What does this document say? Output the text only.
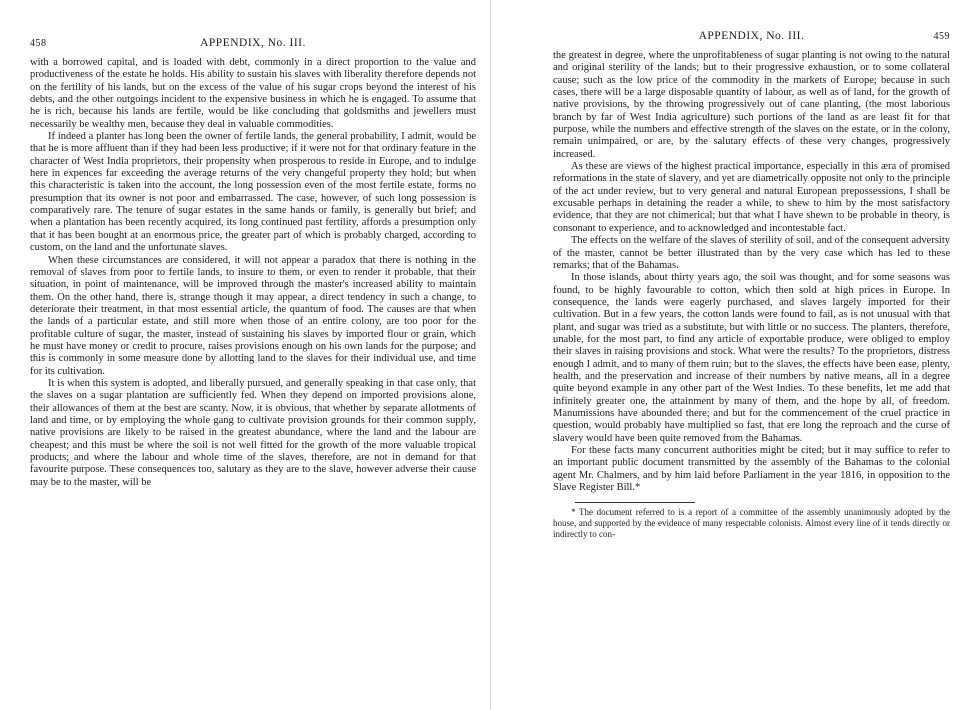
458	APPENDIX, No. III.

with a borrowed capital, and is loaded with debt, commonly in a direct proportion to the value and productiveness of the estate he holds. His ability to sustain his slaves with liberality therefore depends not on the fertility of his lands, but on the excess of the value of his sugar crops beyond the interest of his debts, and the other outgoings incident to the expensive business in which he is engaged. To assume that he is rich, because his lands are fertile, would be like concluding that goldsmiths and jewellers must necessarily be wealthy men, because they deal in valuable commodities.

If indeed a planter has long been the owner of fertile lands, the general probability, I admit, would be that he is more affluent than if they had been less productive; if it were not for that ordinary feature in the character of West India proprietors, their propensity when prosperous to reside in Europe, and to indulge here in expences far exceeding the average returns of the very changeful property they hold; but when this characteristic is taken into the account, the long possession even of the most fertile estate, forms no presumption that its owner is not poor and embarrassed. The case, however, of such long possession is comparatively rare. The tenure of sugar estates in the same hands or family, is generally but brief; and when a plantation has been recently acquired, its long continued past fertility, affords a presumption only that it has been bought at an enormous price, the greater part of which is probably charged, according to custom, on the land and the unfortunate slaves.

When these circumstances are considered, it will not appear a paradox that there is nothing in the removal of slaves from poor to fertile lands, to insure to them, or even to render it probable, that their situation, in point of maintenance, will be improved through the master's increased ability to maintain them. On the other hand, there is, strange though it may appear, a direct tendency in such a change, to deteriorate their treatment, in that most essential article, the quantum of food. The causes are that when the lands of a particular estate, and still more when those of an entire colony, are too poor for the profitable culture of sugar, the master, instead of sustaining his slaves by imported flour or grain, which he must have money or credit to procure, raises provisions enough on his own lands for the purpose; and this is commonly in some measure done by allotting land to the slaves for their individual use, and time for its cultivation.

It is when this system is adopted, and liberally pursued, and generally speaking in that case only, that the slaves on a sugar plantation are sufficiently fed. When they depend on imported provisions alone, their allowances of them at the best are scanty. Now, it is obvious, that whether by separate allotments of land and time, or by employing the whole gang to cultivate provision grounds for their common supply, native provisions are likely to be raised in the greatest abundance, where the land and the labour are cheapest; and this must be where the soil is not well fitted for the growth of the more valuable tropical products; and where the labour and whole time of the slaves, therefore, are not in demand for that favourite purpose. These consequences too, salutary as they are to the slave, however adverse their cause may be to the master, will be

APPENDIX, No. III.	459

the greatest in degree, where the unprofitableness of sugar planting is not owing to the natural and original sterility of the lands; but to their progressive exhaustion, or to some collateral cause; such as the low price of the commodity in the markets of Europe; because in such cases, there will be a large disposable quantity of labour, as well as of land, for the growth of native provisions, by the throwing progressively out of cane planting, (the most laborious branch by far of West India agriculture) such portions of the land as are least fit for that purpose, while the numbers and effective strength of the slaves on the estate, or in the colony, remain unimpaired, or are, by the salutary effects of these very changes, progressively increased.

As these are views of the highest practical importance, especially in this æra of promised reformations in the state of slavery, and yet are diametrically opposite not only to the principle of the act under review, but to very general and natural European prepossessions, I shall be excusable perhaps in detaining the reader a while, to shew to him by the most satisfactory evidence, that they are not chimerical; but that what I have shewn to be probable in theory, is consonant to experience, and to acknowledged and incontestable fact.

The effects on the welfare of the slaves of sterility of soil, and of the consequent adversity of the master, cannot be better illustrated than by the very case which has led to these remarks; that of the Bahamas.

In those islands, about thirty years ago, the soil was thought, and for some seasons was found, to be highly favourable to cotton, which then sold at high prices in Europe. In consequence, the lands were eagerly purchased, and slaves largely imported for their cultivation. But in a few years, the cotton lands were found to fail, as is not unusual with that plant, and sugar was tried as a substitute, but with little or no success. The planters, therefore, unable, for the most part, to find any article of exportable produce, were obliged to employ their slaves in raising provisions and stock. What were the results? To the proprietors, distress enough I admit, and to many of them ruin; but to the slaves, the effects have been ease, plenty, health, and the preservation and increase of their numbers by native means, all in a degree quite beyond example in any other part of the West Indies. To these benefits, let me add that infinitely greater one, the attainment by many of them, and the hope by all, of freedom. Manumissions have abounded there; and but for the commencement of the cruel practice in question, would probably have multiplied so fast, that ere long the reproach and the curse of slavery would have been quite removed from the Bahamas.

For these facts many concurrent authorities might be cited; but it may suffice to refer to an important public document transmitted by the assembly of the Bahamas to the colonial agent Mr. Chalmers, and by him laid before Parliament in the year 1816, in opposition to the Slave Register Bill.*

* The document referred to is a report of a committee of the assembly unanimously adopted by the house, and supported by the evidence of many respectable colonists. Almost every line of it tends directly or indirectly to con-
